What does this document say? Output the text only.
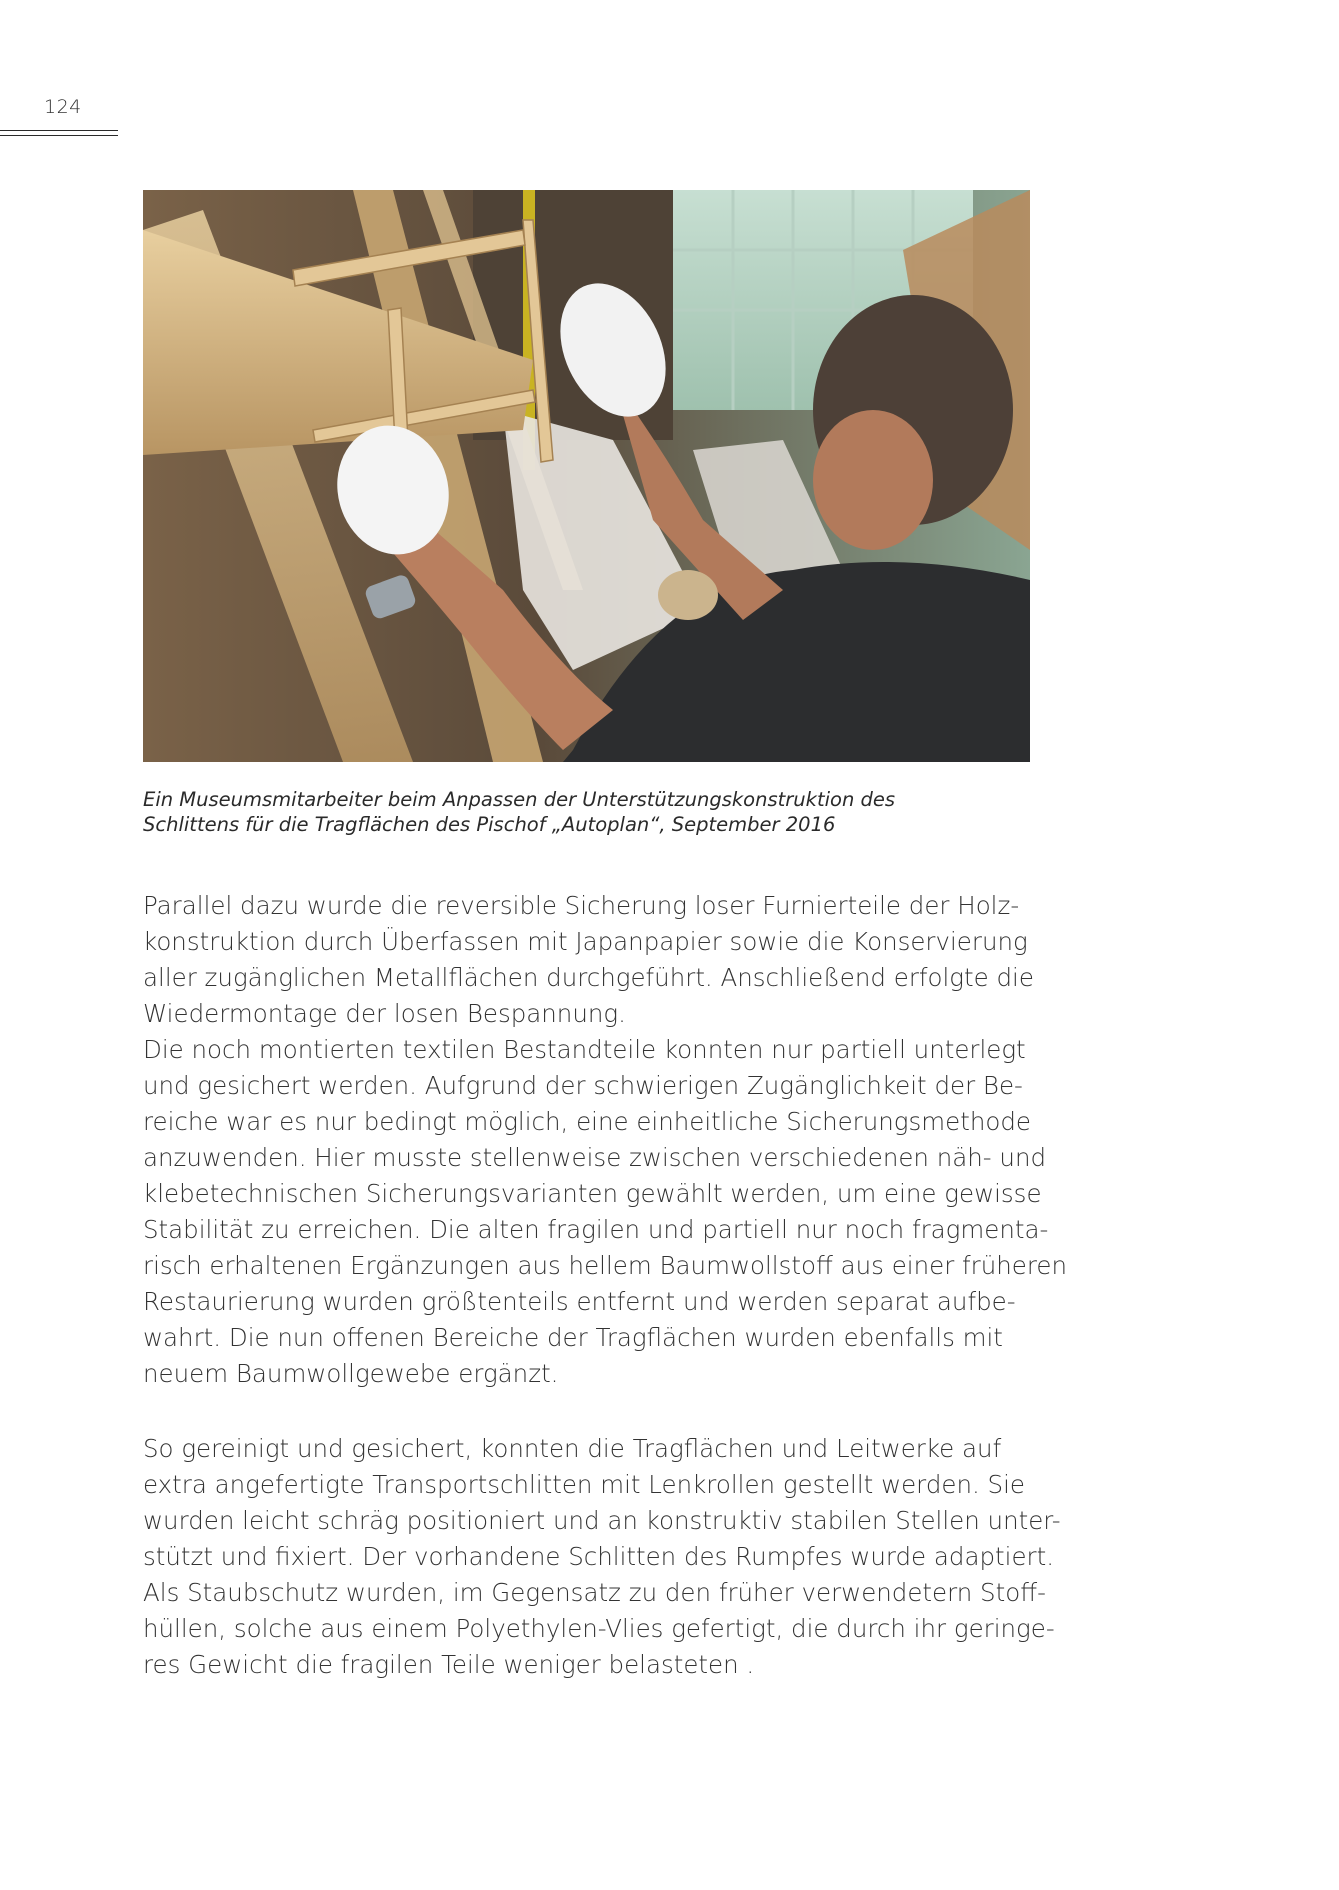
124
Ein Museumsmitarbeiter beim Anpassen der Unterstützungskonstruktion des
Schlittens für die Tragflächen des Pischof „Autoplan“, September 2016
Parallel dazu wurde die reversible Sicherung loser Furnierteile der Holz-
konstruktion durch Überfassen mit Japanpapier sowie die Konservierung
aller zugänglichen Metallflächen durchgeführt. Anschließend erfolgte die
Wiedermontage der losen Bespannung.
Die noch montierten textilen Bestandteile konnten nur partiell unterlegt
und gesichert werden. Aufgrund der schwierigen Zugänglichkeit der Be-
reiche war es nur bedingt möglich, eine einheitliche Sicherungsmethode
anzuwenden. Hier musste stellenweise zwischen verschiedenen näh- und
klebetechnischen Sicherungsvarianten gewählt werden, um eine gewisse
Stabilität zu erreichen. Die alten fragilen und partiell nur noch fragmenta-
risch erhaltenen Ergänzungen aus hellem Baumwollstoff aus einer früheren
Restaurierung wurden größtenteils entfernt und werden separat aufbe-
wahrt. Die nun offenen Bereiche der Tragflächen wurden ebenfalls mit
neuem Baumwollgewebe ergänzt.
So gereinigt und gesichert, konnten die Tragflächen und Leitwerke auf
extra angefertigte Transportschlitten mit Lenkrollen gestellt werden. Sie
wurden leicht schräg positioniert und an konstruktiv stabilen Stellen unter-
stützt und fixiert. Der vorhandene Schlitten des Rumpfes wurde adaptiert.
Als Staubschutz wurden, im Gegensatz zu den früher verwendetern Stoff-
hüllen, solche aus einem Polyethylen-Vlies gefertigt, die durch ihr geringe-
res Gewicht die fragilen Teile weniger belasteten .
